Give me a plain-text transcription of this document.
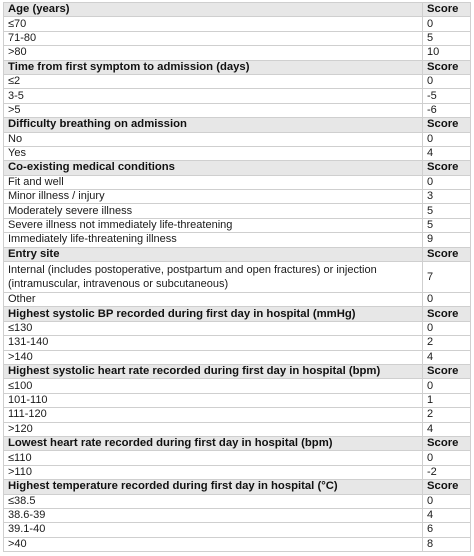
Age (years)	Score
≤70	0
71-80	5
>80	10
Time from first symptom to admission (days)	Score
≤2	0
3-5	-5
>5	-6
Difficulty breathing on admission	Score
No	0
Yes	4
Co-existing medical conditions	Score
Fit and well	0
Minor illness / injury	3
Moderately severe illness	5
Severe illness not immediately life-threatening	5
Immediately life-threatening illness	9
Entry site	Score
Internal (includes postoperative, postpartum and open fractures) or injection (intramuscular, intravenous or subcutaneous)	7
Other	0
Highest systolic BP recorded during first day in hospital (mmHg)	Score
≤130	0
131-140	2
>140	4
Highest systolic heart rate recorded during first day in hospital (bpm)	Score
≤100	0
101-110	1
111-120	2
>120	4
Lowest heart rate recorded during first day in hospital (bpm)	Score
≤110	0
>110	-2
Highest temperature recorded during first day in hospital (°C)	Score
≤38.5	0
38.6-39	4
39.1-40	6
>40	8
